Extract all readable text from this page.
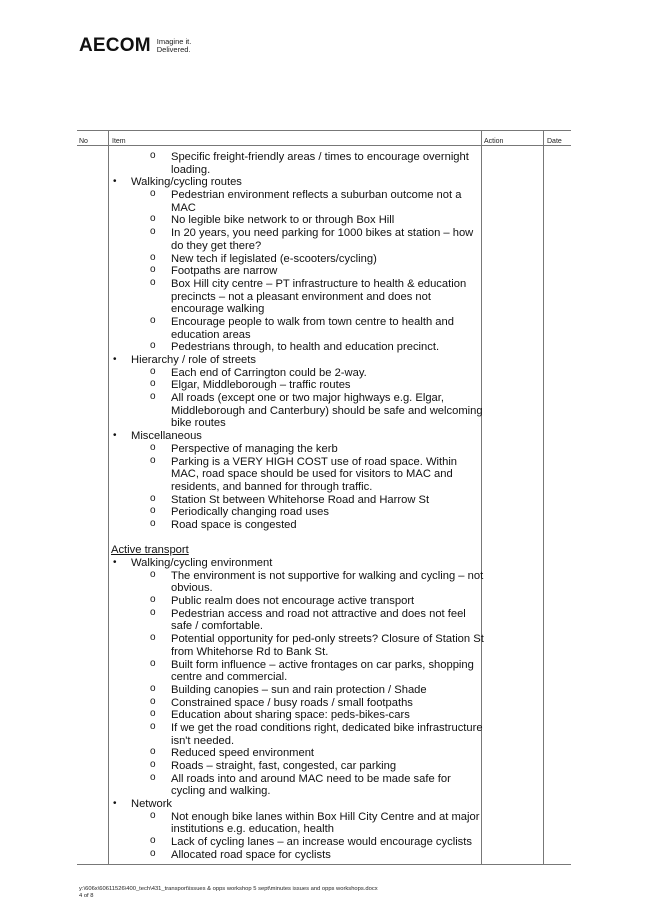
AECOM Imagine it.
Delivered.
No	Item	Action	Date
o Specific freight-friendly areas / times to encourage overnight
loading.
• Walking/cycling routes
o Pedestrian environment reflects a suburban outcome not a
MAC
o No legible bike network to or through Box Hill
o In 20 years, you need parking for 1000 bikes at station – how
do they get there?
o New tech if legislated (e-scooters/cycling)
o Footpaths are narrow
o Box Hill city centre – PT infrastructure to health & education
precincts – not a pleasant environment and does not
encourage walking
o Encourage people to walk from town centre to health and
education areas
o Pedestrians through, to health and education precinct.
• Hierarchy / role of streets
o Each end of Carrington could be 2-way.
o Elgar, Middleborough – traffic routes
o All roads (except one or two major highways e.g. Elgar,
Middleborough and Canterbury) should be safe and welcoming
bike routes
• Miscellaneous
o Perspective of managing the kerb
o Parking is a VERY HIGH COST use of road space. Within
MAC, road space should be used for visitors to MAC and
residents, and banned for through traffic.
o Station St between Whitehorse Road and Harrow St
o Periodically changing road uses
o Road space is congested
Active transport
• Walking/cycling environment
o The environment is not supportive for walking and cycling – not
obvious.
o Public realm does not encourage active transport
o Pedestrian access and road not attractive and does not feel
safe / comfortable.
o Potential opportunity for ped-only streets? Closure of Station St
from Whitehorse Rd to Bank St.
o Built form influence – active frontages on car parks, shopping
centre and commercial.
o Building canopies – sun and rain protection / Shade
o Constrained space / busy roads / small footpaths
o Education about sharing space: peds-bikes-cars
o If we get the road conditions right, dedicated bike infrastructure
isn't needed.
o Reduced speed environment
o Roads – straight, fast, congested, car parking
o All roads into and around MAC need to be made safe for
cycling and walking.
• Network
o Not enough bike lanes within Box Hill City Centre and at major
institutions e.g. education, health
o Lack of cycling lanes – an increase would encourage cyclists
o Allocated road space for cyclists
y:\606x\60611526\400_tech\431_transport\issues & opps workshop 5 sept\minutes issues and opps workshops.docx
4 of 8
